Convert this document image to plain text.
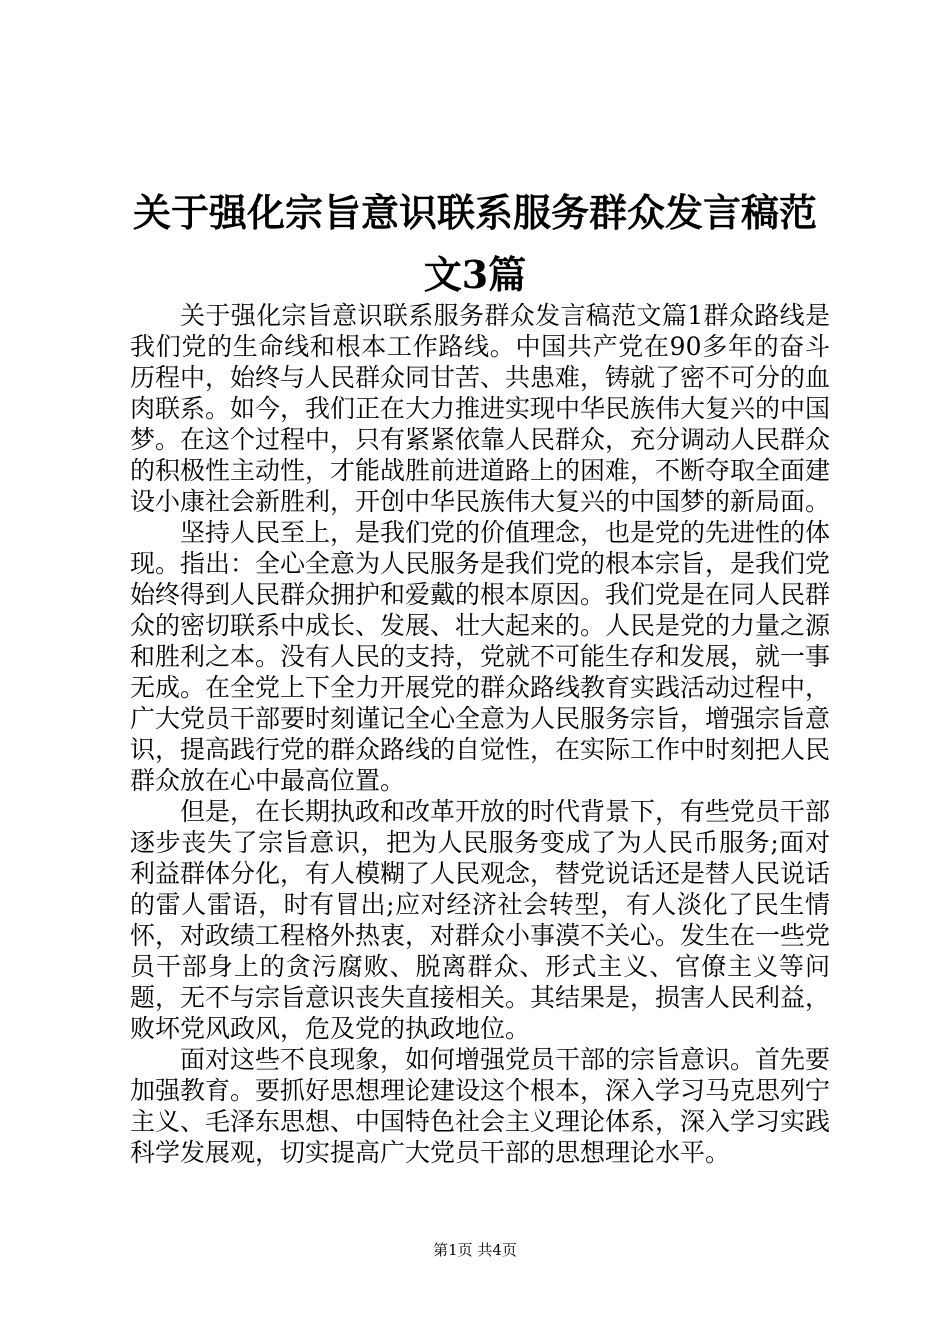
关于强化宗旨意识联系服务群众发言稿范文3篇

关于强化宗旨意识联系服务群众发言稿范文篇1群众路线是我们党的生命线和根本工作路线。中国共产党在90多年的奋斗历程中，始终与人民群众同甘苦、共患难，铸就了密不可分的血肉联系。如今，我们正在大力推进实现中华民族伟大复兴的中国梦。在这个过程中，只有紧紧依靠人民群众，充分调动人民群众的积极性主动性，才能战胜前进道路上的困难，不断夺取全面建设小康社会新胜利，开创中华民族伟大复兴的中国梦的新局面。

坚持人民至上，是我们党的价值理念，也是党的先进性的体现。指出：全心全意为人民服务是我们党的根本宗旨，是我们党始终得到人民群众拥护和爱戴的根本原因。我们党是在同人民群众的密切联系中成长、发展、壮大起来的。人民是党的力量之源和胜利之本。没有人民的支持，党就不可能生存和发展，就一事无成。在全党上下全力开展党的群众路线教育实践活动过程中，广大党员干部要时刻谨记全心全意为人民服务宗旨，增强宗旨意识，提高践行党的群众路线的自觉性，在实际工作中时刻把人民群众放在心中最高位置。

但是，在长期执政和改革开放的时代背景下，有些党员干部逐步丧失了宗旨意识，把为人民服务变成了为人民币服务;面对利益群体分化，有人模糊了人民观念，替党说话还是替人民说话的雷人雷语，时有冒出;应对经济社会转型，有人淡化了民生情怀，对政绩工程格外热衷，对群众小事漠不关心。发生在一些党员干部身上的贪污腐败、脱离群众、形式主义、官僚主义等问题，无不与宗旨意识丧失直接相关。其结果是，损害人民利益，败坏党风政风，危及党的执政地位。

面对这些不良现象，如何增强党员干部的宗旨意识。首先要加强教育。要抓好思想理论建设这个根本，深入学习马克思列宁主义、毛泽东思想、中国特色社会主义理论体系，深入学习实践科学发展观，切实提高广大党员干部的思想理论水平。

第1页 共4页
